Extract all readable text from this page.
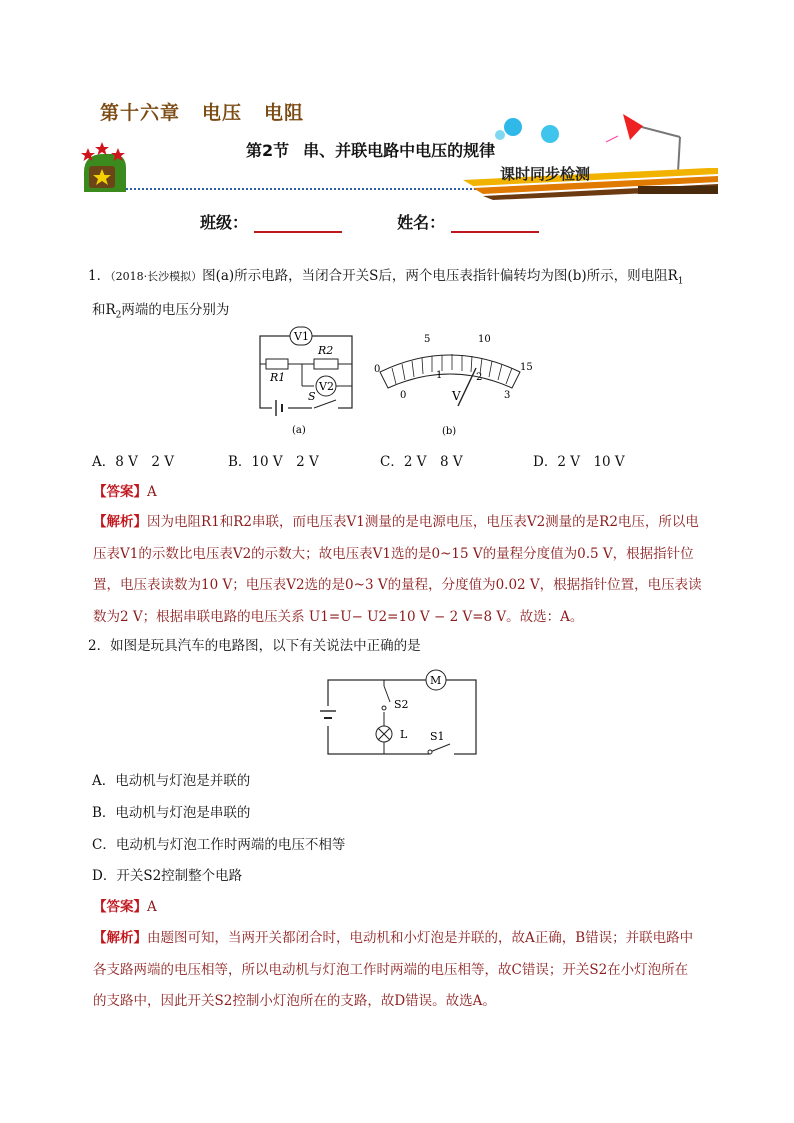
第十六章 电压 电阻
第2节 串、并联电路中电压的规律
课时同步检测
班级：	姓名：
1．（2018·长沙模拟）图(a)所示电路，当闭合开关S后，两个电压表指针偏转均为图(b)所示，则电阻$R_1$
和$R_2$两端的电压分别为
V1
R2
R1
V2
S
(a)
0
5	10
15
0
1	2
3
V
(b)
A．8 V　2 V	B．10 V　2 V	C．2 V　8 V	D．2 V　10 V
【答案】A
【解析】因为电阻R1和R2串联，而电压表V1测量的是电源电压，电压表V2测量的是R2电压，所以电
压表V1的示数比电压表V2的示数大；故电压表V1选的是0~15 V的量程分度值为0.5 V，根据指针位
置，电压表读数为10 V；电压表V2选的是0~3 V的量程，分度值为0.02 V，根据指针位置，电压表读
数为2 V；根据串联电路的电压关系 U1=U− U2=10 V − 2 V=8 V。故选：A。
2．如图是玩具汽车的电路图，以下有关说法中正确的是
M
S2
L S1
A．电动机与灯泡是并联的
B．电动机与灯泡是串联的
C．电动机与灯泡工作时两端的电压不相等
D．开关S2控制整个电路
【答案】A
【解析】由题图可知，当两开关都闭合时，电动机和小灯泡是并联的，故A正确，B错误；并联电路中
各支路两端的电压相等，所以电动机与灯泡工作时两端的电压相等，故C错误；开关S2在小灯泡所在
的支路中，因此开关S2控制小灯泡所在的支路，故D错误。故选A。
